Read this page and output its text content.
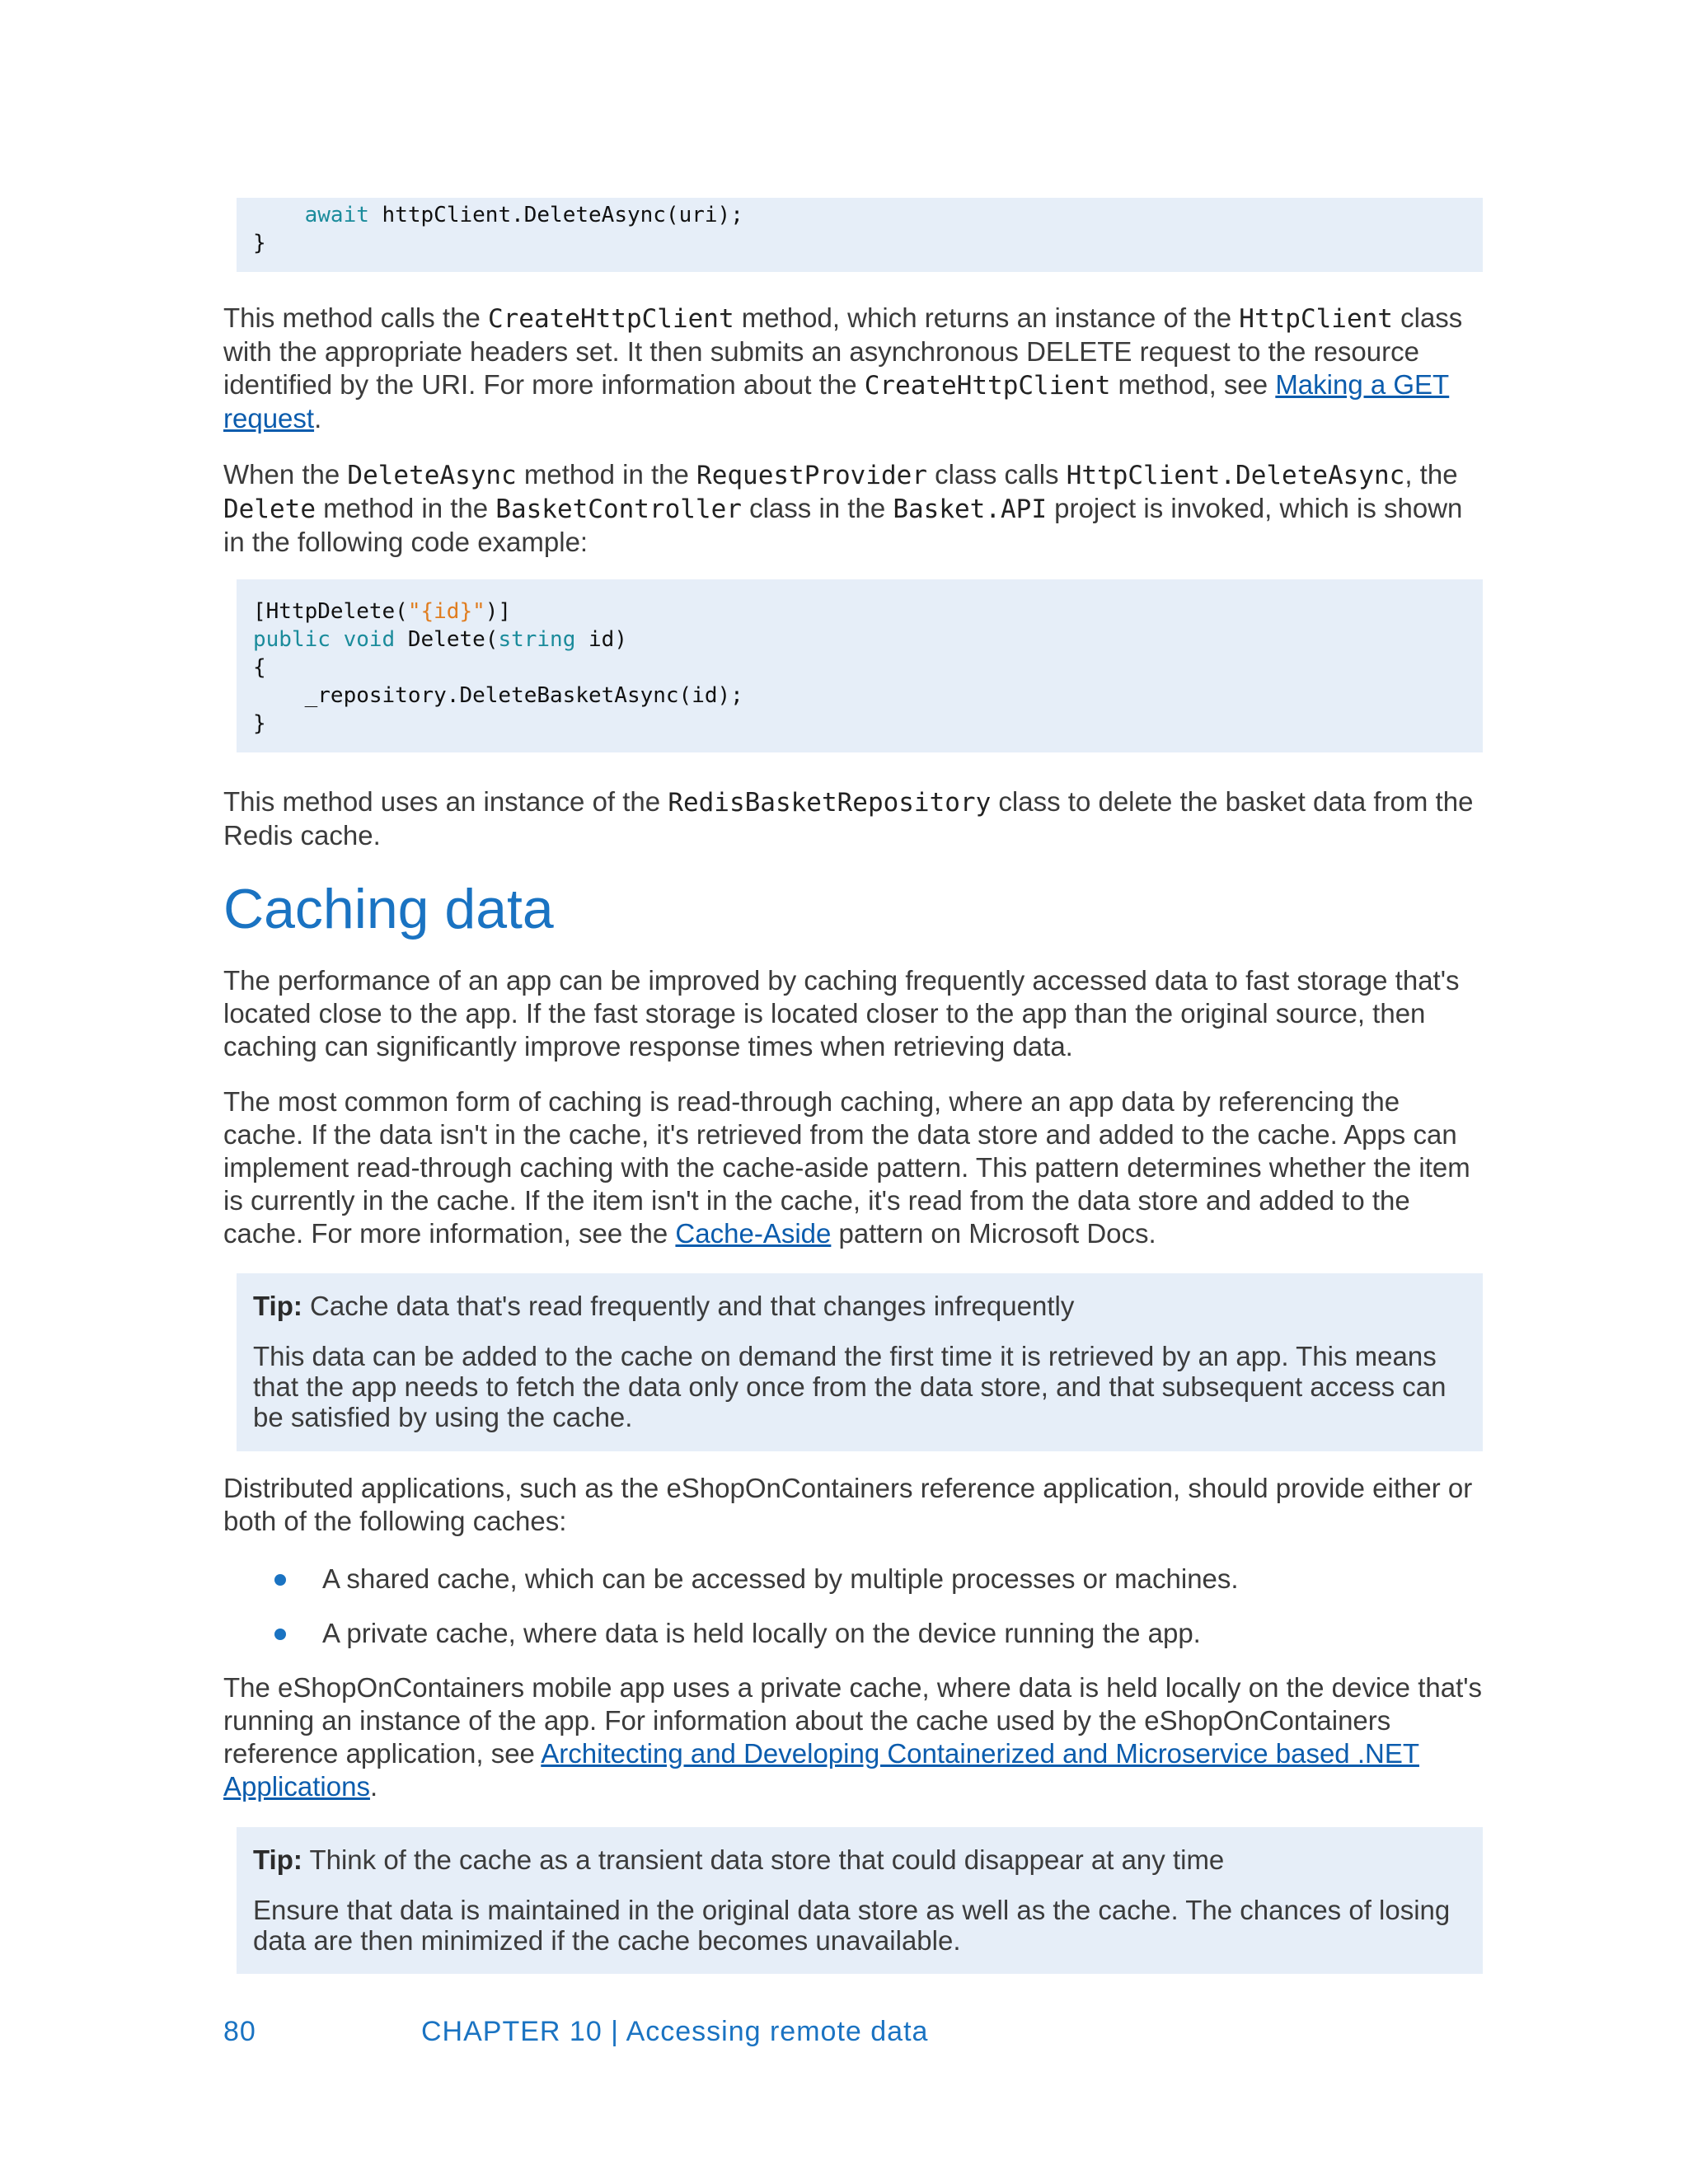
await httpClient.DeleteAsync(uri);
}

This method calls the CreateHttpClient method, which returns an instance of the HttpClient class with the appropriate headers set. It then submits an asynchronous DELETE request to the resource identified by the URI. For more information about the CreateHttpClient method, see Making a GET request.

When the DeleteAsync method in the RequestProvider class calls HttpClient.DeleteAsync, the Delete method in the BasketController class in the Basket.API project is invoked, which is shown in the following code example:

[HttpDelete("{id}")]
public void Delete(string id)
{
_repository.DeleteBasketAsync(id);
}

This method uses an instance of the RedisBasketRepository class to delete the basket data from the Redis cache.

Caching data

The performance of an app can be improved by caching frequently accessed data to fast storage that's located close to the app. If the fast storage is located closer to the app than the original source, then caching can significantly improve response times when retrieving data.

The most common form of caching is read-through caching, where an app data by referencing the cache. If the data isn't in the cache, it's retrieved from the data store and added to the cache. Apps can implement read-through caching with the cache-aside pattern. This pattern determines whether the item is currently in the cache. If the item isn't in the cache, it's read from the data store and added to the cache. For more information, see the Cache-Aside pattern on Microsoft Docs.

Tip: Cache data that's read frequently and that changes infrequently

This data can be added to the cache on demand the first time it is retrieved by an app. This means that the app needs to fetch the data only once from the data store, and that subsequent access can be satisfied by using the cache.

Distributed applications, such as the eShopOnContainers reference application, should provide either or both of the following caches:

A shared cache, which can be accessed by multiple processes or machines.
A private cache, where data is held locally on the device running the app.

The eShopOnContainers mobile app uses a private cache, where data is held locally on the device that's running an instance of the app. For information about the cache used by the eShopOnContainers reference application, see Architecting and Developing Containerized and Microservice based .NET Applications.

Tip: Think of the cache as a transient data store that could disappear at any time

Ensure that data is maintained in the original data store as well as the cache. The chances of losing data are then minimized if the cache becomes unavailable.

80	CHAPTER 10 | Accessing remote data
